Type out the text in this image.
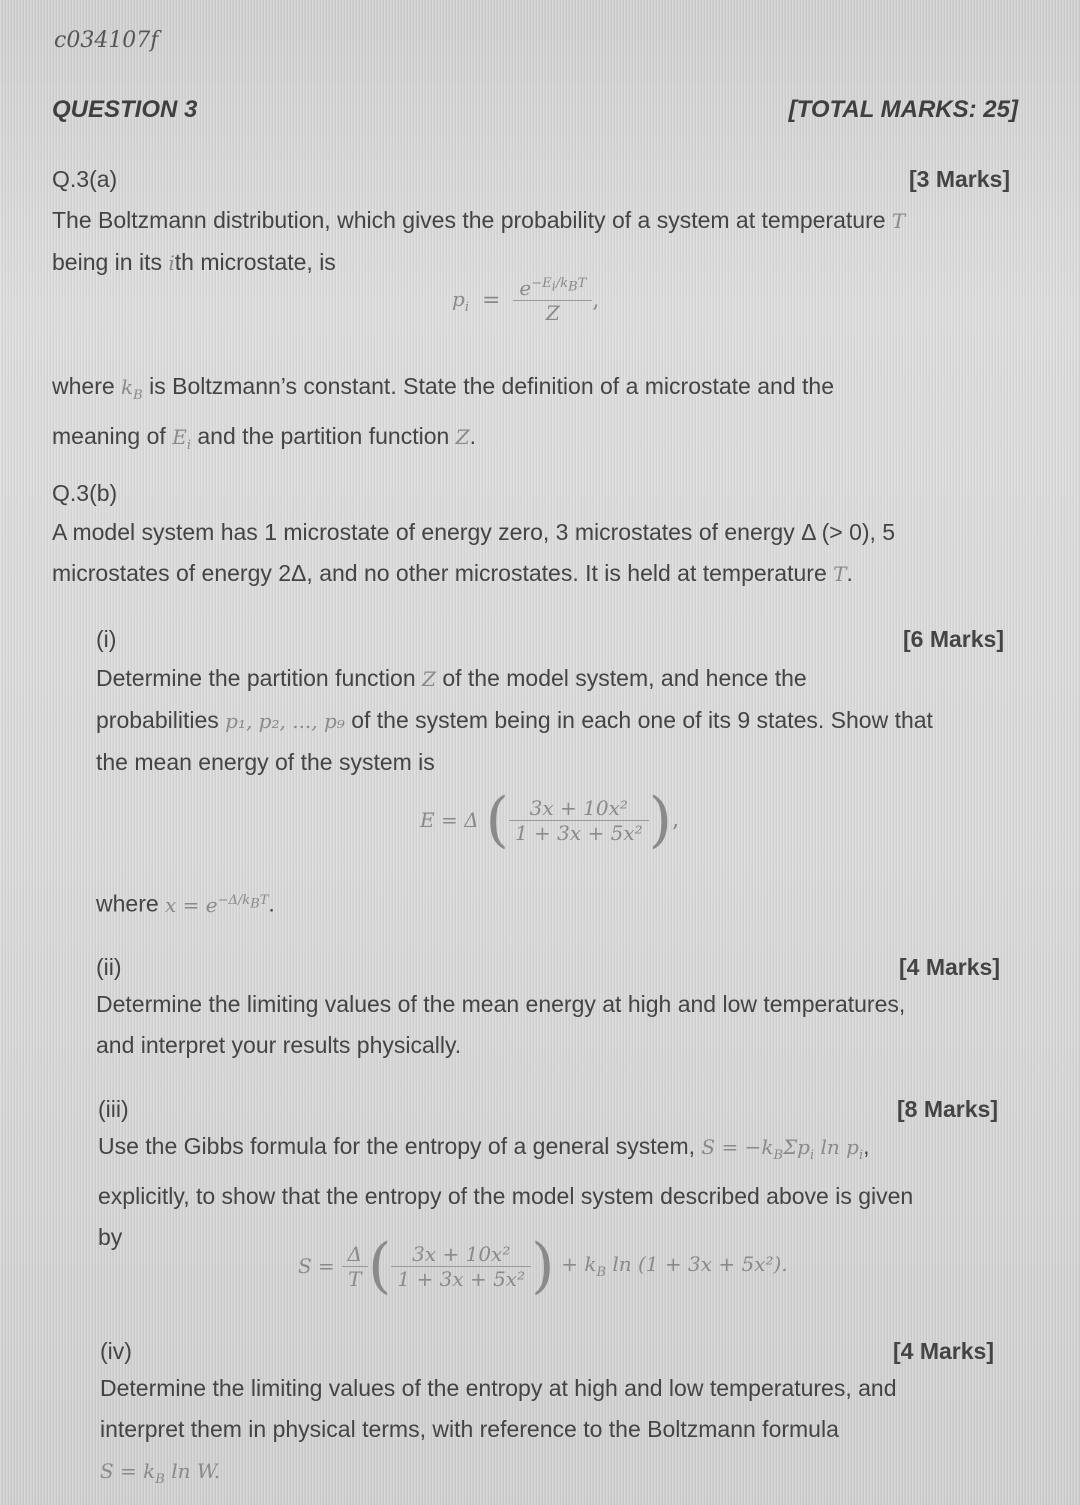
c034107f
QUESTION 3	[TOTAL MARKS: 25]
Q.3(a)	[3 Marks]
The Boltzmann distribution, which gives the probability of a system at temperature T
being in its ith microstate, is
$p_i = \frac{e^{-E_i/k_BT}}{Z}$ ,
where $k_B$ is Boltzmann’s constant. State the definition of a microstate and the
meaning of $E_i$ and the partition function Z.
Q.3(b)
A model system has 1 microstate of energy zero, 3 microstates of energy Δ (> 0), 5
microstates of energy 2Δ, and no other microstates. It is held at temperature T.
(i)	[6 Marks]
Determine the partition function Z of the model system, and hence the
probabilities p₁, p₂, ..., p₉ of the system being in each one of its 9 states. Show that
the mean energy of the system is
E = Δ ( $\frac{\text{3x + 10x²}}{\text{1 + 3x + 5x²}}$ ),
where $x = e^{-\Delta/k_BT}$.
(ii)	[4 Marks]
Determine the limiting values of the mean energy at high and low temperatures,
and interpret your results physically.
(iii)	[8 Marks]
Use the Gibbs formula for the entropy of a general system, $S = -k_B\Sigma p_i$ $\ln p_i$,
explicitly, to show that the entropy of the model system described above is given
by
$S = \frac{\Delta}{T}$ ( $\frac{\text{3x + 10x²}}{\text{1 + 3x + 5x²}}$ ) + $k_B$ ln (1 + 3x + 5x²).
(iv)	[4 Marks]
Determine the limiting values of the entropy at high and low temperatures, and
interpret them in physical terms, with reference to the Boltzmann formula
$S = k_B$ ln W.
